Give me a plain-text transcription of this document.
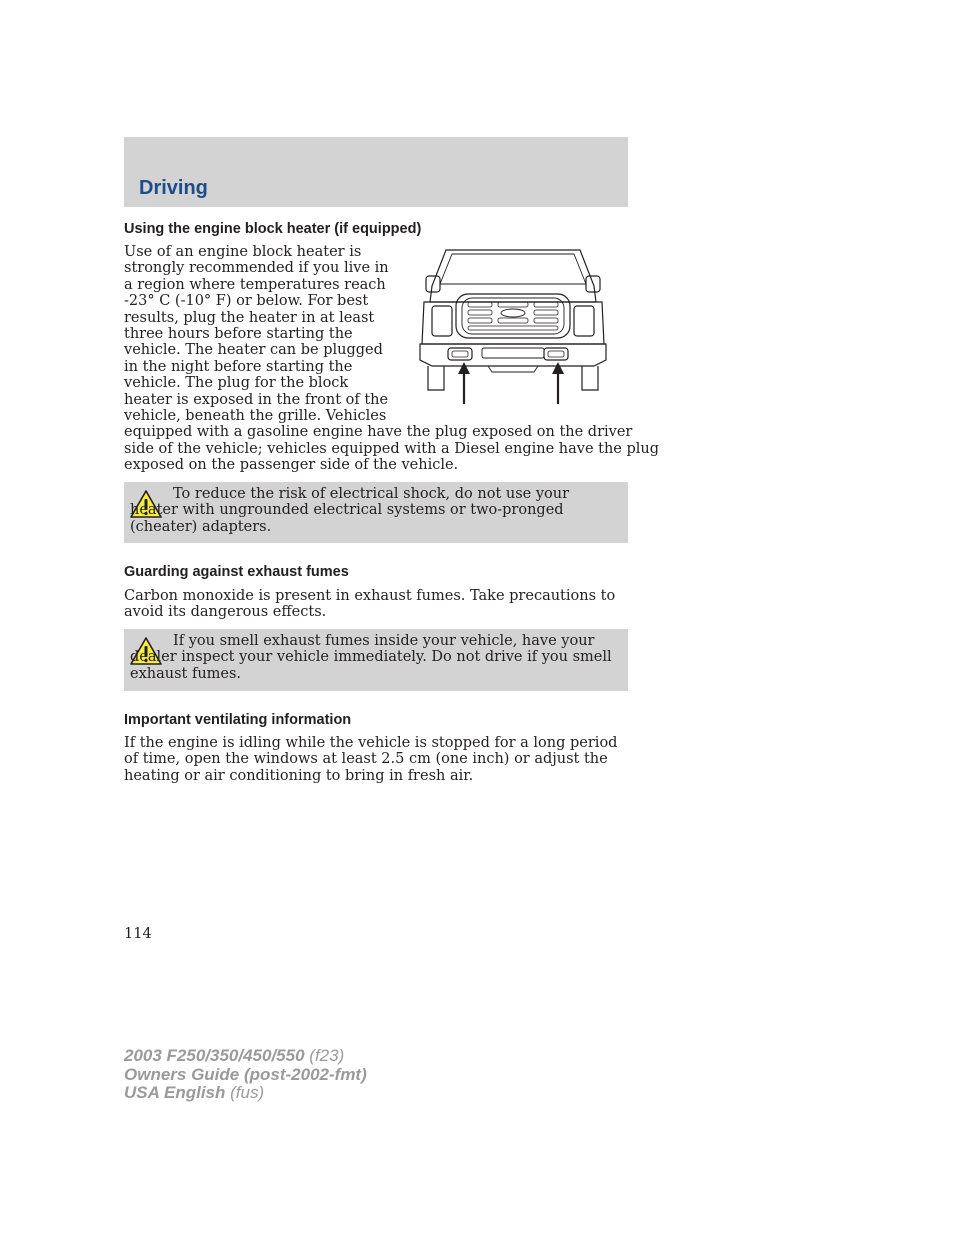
Driving
Using the engine block heater (if equipped)
Use of an engine block heater is
strongly recommended if you live in
a region where temperatures reach
-23° C (-10° F) or below. For best
results, plug the heater in at least
three hours before starting the
vehicle. The heater can be plugged
in the night before starting the
vehicle. The plug for the block
heater is exposed in the front of the
vehicle, beneath the grille. Vehicles
equipped with a gasoline engine have the plug exposed on the driver
side of the vehicle; vehicles equipped with a Diesel engine have the plug
exposed on the passenger side of the vehicle.

To reduce the risk of electrical shock, do not use your heater with ungrounded electrical systems or two-pronged (cheater) adapters.

Guarding against exhaust fumes

Carbon monoxide is present in exhaust fumes. Take precautions to avoid its dangerous effects.

If you smell exhaust fumes inside your vehicle, have your dealer inspect your vehicle immediately. Do not drive if you smell exhaust fumes.

Important ventilating information

If the engine is idling while the vehicle is stopped for a long period of time, open the windows at least 2.5 cm (one inch) or adjust the heating or air conditioning to bring in fresh air.

114
2003 F250/350/450/550 (f23)
Owners Guide (post-2002-fmt)
USA English (fus)
